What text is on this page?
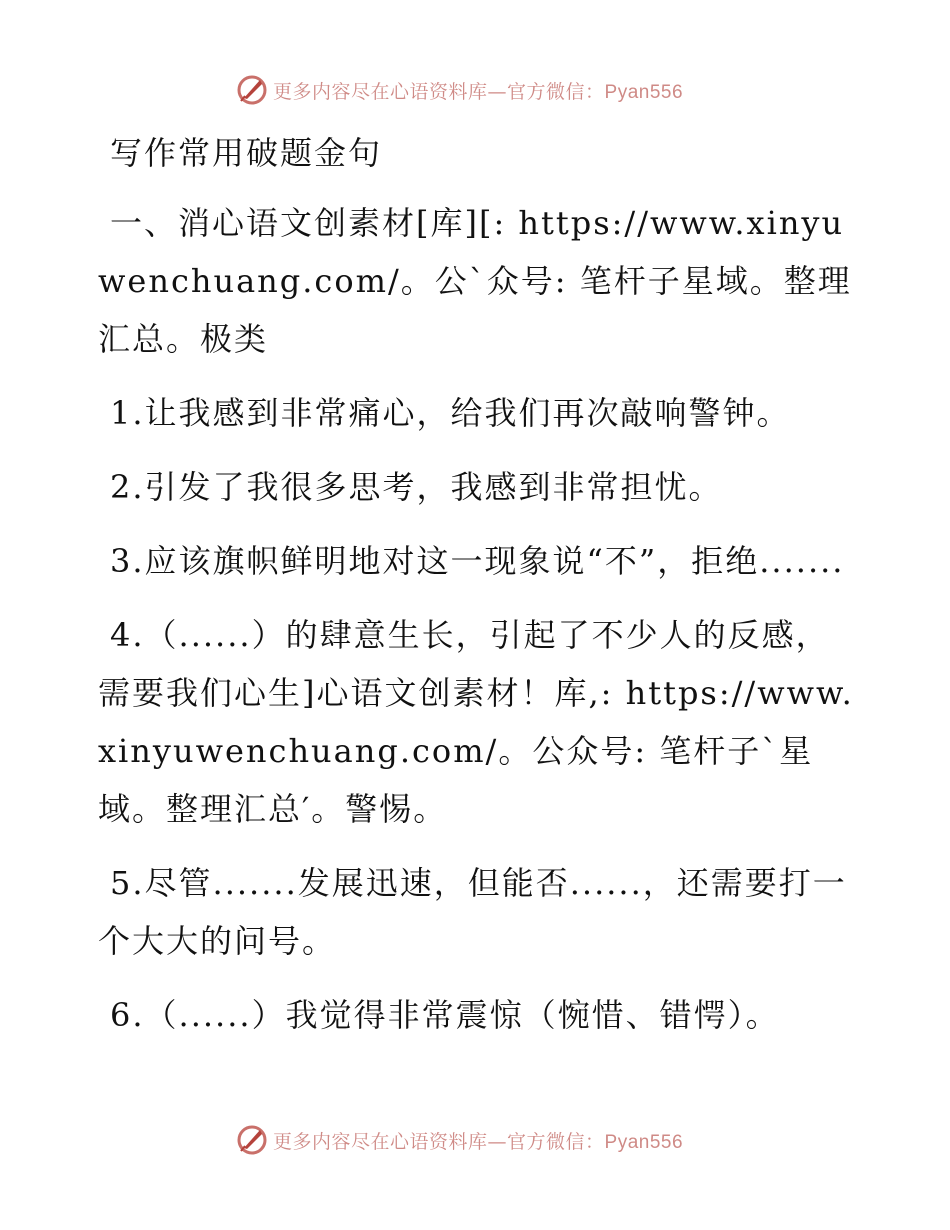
更多内容尽在心语资料库—官方微信：Pyan556

写作常用破题金句

一、消心语文创素材[库][: https://www.xinyuwenchuang.com/。公`众号: 笔杆子星域。整理汇总。极类

1.让我感到非常痛心，给我们再次敲响警钟。

2.引发了我很多思考，我感到非常担忧。

3.应该旗帜鲜明地对这一现象说“不”，拒绝.......

4.（......）的肆意生长，引起了不少人的反感，需要我们心生]心语文创素材！库,: https://www.xinyuwenchuang.com/。公众号: 笔杆子`星域。整理汇总′。警惕。

5.尽管.......发展迅速，但能否......，还需要打一个大大的问号。

6.（......）我觉得非常震惊（惋惜、错愕）。

更多内容尽在心语资料库—官方微信：Pyan556
